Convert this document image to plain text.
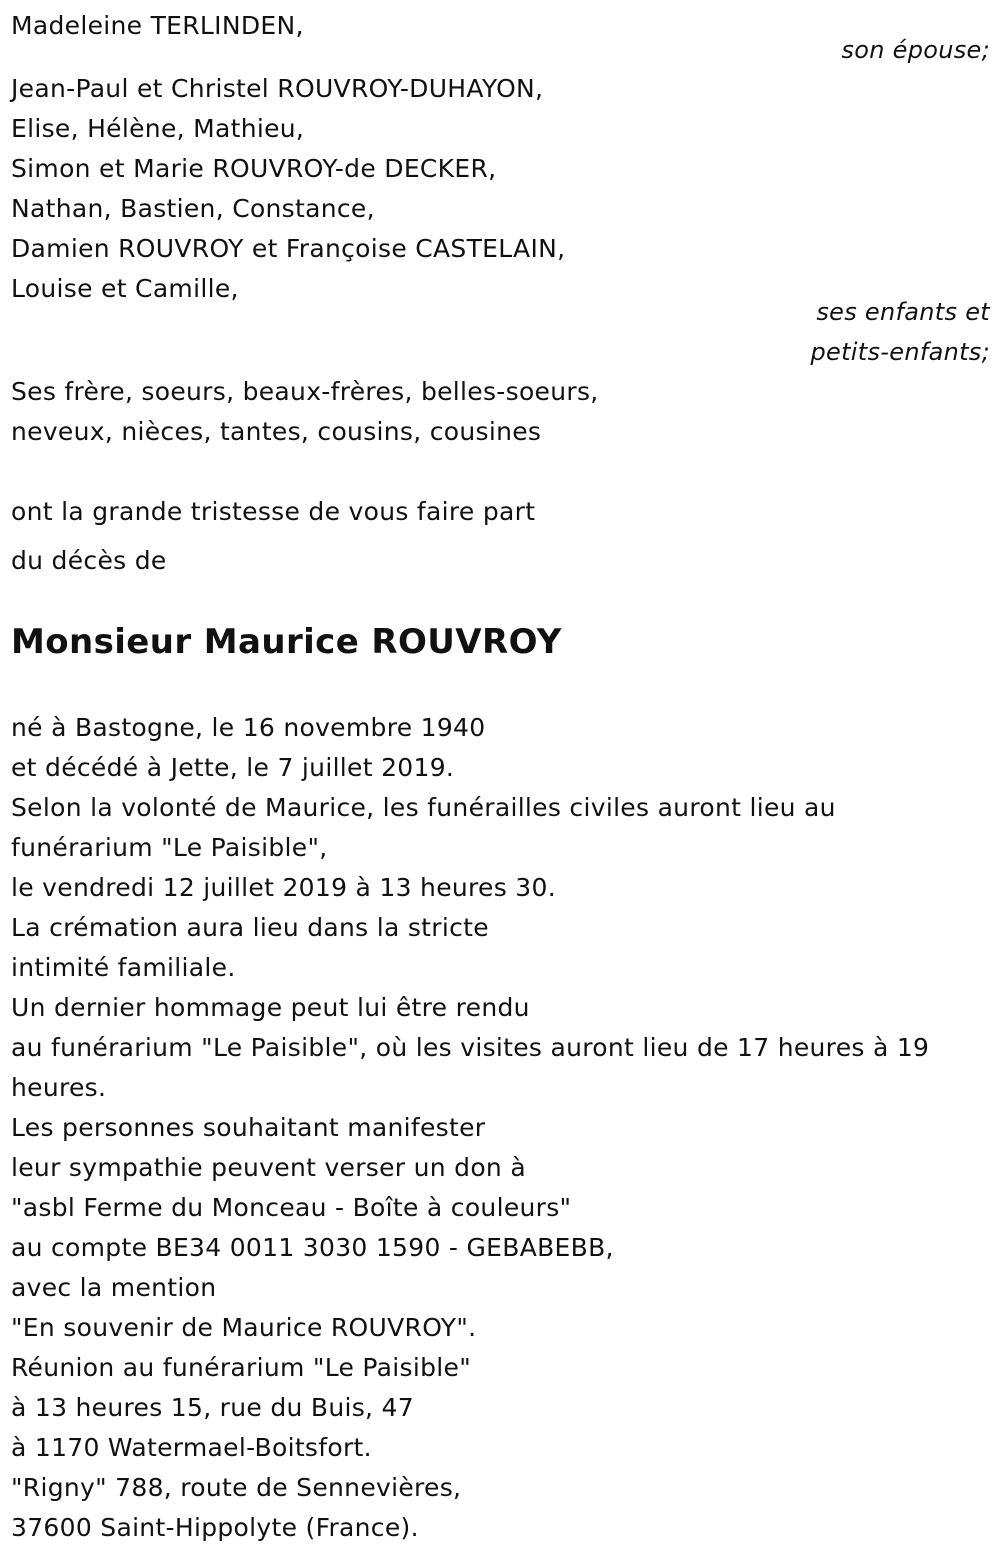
Madeleine TERLINDEN,
son épouse;
Jean-Paul et Christel ROUVROY-DUHAYON,
Elise, Hélène, Mathieu,
Simon et Marie ROUVROY-de DECKER,
Nathan, Bastien, Constance,
Damien ROUVROY et Françoise CASTELAIN,
Louise et Camille,
ses enfants et
petits-enfants;
Ses frère, soeurs, beaux-frères, belles-soeurs,
neveux, nièces, tantes, cousins, cousines
ont la grande tristesse de vous faire part
du décès de
Monsieur Maurice ROUVROY
né à Bastogne, le 16 novembre 1940
et décédé à Jette, le 7 juillet 2019.
Selon la volonté de Maurice, les funérailles civiles auront lieu au
funérarium "Le Paisible",
le vendredi 12 juillet 2019 à 13 heures 30.
La crémation aura lieu dans la stricte
intimité familiale.
Un dernier hommage peut lui être rendu
au funérarium "Le Paisible", où les visites auront lieu de 17 heures à 19
heures.
Les personnes souhaitant manifester
leur sympathie peuvent verser un don à
"asbl Ferme du Monceau - Boîte à couleurs"
au compte BE34 0011 3030 1590 - GEBABEBB,
avec la mention
"En souvenir de Maurice ROUVROY".
Réunion au funérarium "Le Paisible"
à 13 heures 15, rue du Buis, 47
à 1170 Watermael-Boitsfort.
"Rigny" 788, route de Sennevières,
37600 Saint-Hippolyte (France).
